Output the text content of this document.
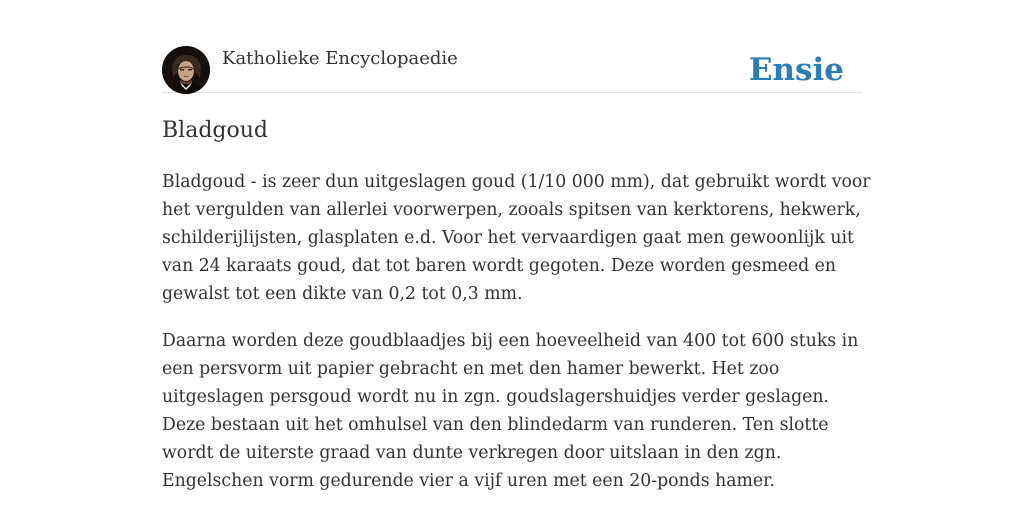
Katholieke Encyclopaedie	Ensie
Bladgoud

Bladgoud - is zeer dun uitgeslagen goud (1/10 000 mm), dat gebruikt wordt voor het vergulden van allerlei voorwerpen, zooals spitsen van kerktorens, hekwerk, schilderijlijsten, glasplaten e.d. Voor het vervaardigen gaat men gewoonlijk uit van 24 karaats goud, dat tot baren wordt gegoten. Deze worden gesmeed en gewalst tot een dikte van 0,2 tot 0,3 mm.

Daarna worden deze goudblaadjes bij een hoeveelheid van 400 tot 600 stuks in een persvorm uit papier gebracht en met den hamer bewerkt. Het zoo uitgeslagen persgoud wordt nu in zgn. goudslagershuidjes verder geslagen. Deze bestaan uit het omhulsel van den blindedarm van runderen. Ten slotte wordt de uiterste graad van dunte verkregen door uitslaan in den zgn. Engelschen vorm gedurende vier a vijf uren met een 20-ponds hamer.
